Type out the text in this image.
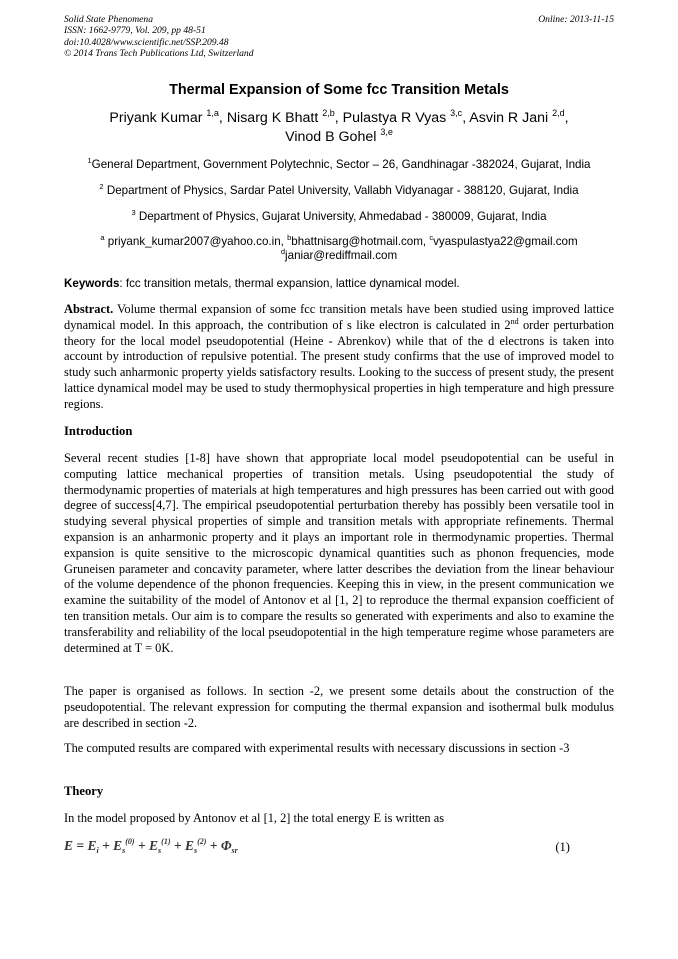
Solid State Phenomena
ISSN: 1662-9779, Vol. 209, pp 48-51
doi:10.4028/www.scientific.net/SSP.209.48
© 2014 Trans Tech Publications Ltd, Switzerland
Online: 2013-11-15
Thermal Expansion of Some fcc Transition Metals
Priyank Kumar $^{1,a}$, Nisarg K Bhatt $^{2,b}$, Pulastya R Vyas $^{3,c}$, Asvin R Jani $^{2,d}$,
Vinod B Gohel $^{3,e}$
$^1$General Department, Government Polytechnic, Sector – 26, Gandhinagar -382024, Gujarat, India
$^2$ Department of Physics, Sardar Patel University, Vallabh Vidyanagar - 388120, Gujarat, India
$^3$ Department of Physics, Gujarat University, Ahmedabad - 380009, Gujarat, India
$^a$ priyank_kumar2007@yahoo.co.in, $^b$bhattnisarg@hotmail.com, $^c$vyaspulastya22@gmail.com
$^d$janiar@rediffmail.com
Keywords: fcc transition metals, thermal expansion, lattice dynamical model.
Abstract. Volume thermal expansion of some fcc transition metals have been studied using improved lattice dynamical model. In this approach, the contribution of s like electron is calculated in 2nd order perturbation theory for the local model pseudopotential (Heine - Abrenkov) while that of the d electrons is taken into account by introduction of repulsive potential. The present study confirms that the use of improved model to study such anharmonic property yields satisfactory results. Looking to the success of present study, the present lattice dynamical model may be used to study thermophysical properties in high temperature and high pressure regions.
Introduction
Several recent studies [1-8] have shown that appropriate local model pseudopotential can be useful in computing lattice mechanical properties of transition metals. Using pseudopotential the study of thermodynamic properties of materials at high temperatures and high pressures has been carried out with good degree of success[4,7]. The empirical pseudopotential perturbation thereby has possibly been versatile tool in studying several physical properties of simple and transition metals with appropriate refinements. Thermal expansion is an anharmonic property and it plays an important role in thermodynamic properties. Thermal expansion is quite sensitive to the microscopic dynamical quantities such as phonon frequencies, mode Gruneisen parameter and concavity parameter, where latter describes the deviation from the linear behaviour of the volume dependence of the phonon frequencies. Keeping this in view, in the present communication we examine the suitability of the model of Antonov et al [1, 2] to reproduce the thermal expansion coefficient of ten transition metals. Our aim is to compare the results so generated with experiments and also to examine the transferability and reliability of the local pseudopotential in the high temperature regime whose parameters are determined at T = 0K.
The paper is organised as follows. In section -2, we present some details about the construction of the pseudopotential. The relevant expression for computing the thermal expansion and isothermal bulk modulus are described in section -2.
The computed results are compared with experimental results with necessary discussions in section -3
Theory
In the model proposed by Antonov et al [1, 2] the total energy E is written as
$E = E_i + E_s^{(0)} + E_s^{(1)} + E_s^{(2)} + \Phi_{sr}$	(1)
